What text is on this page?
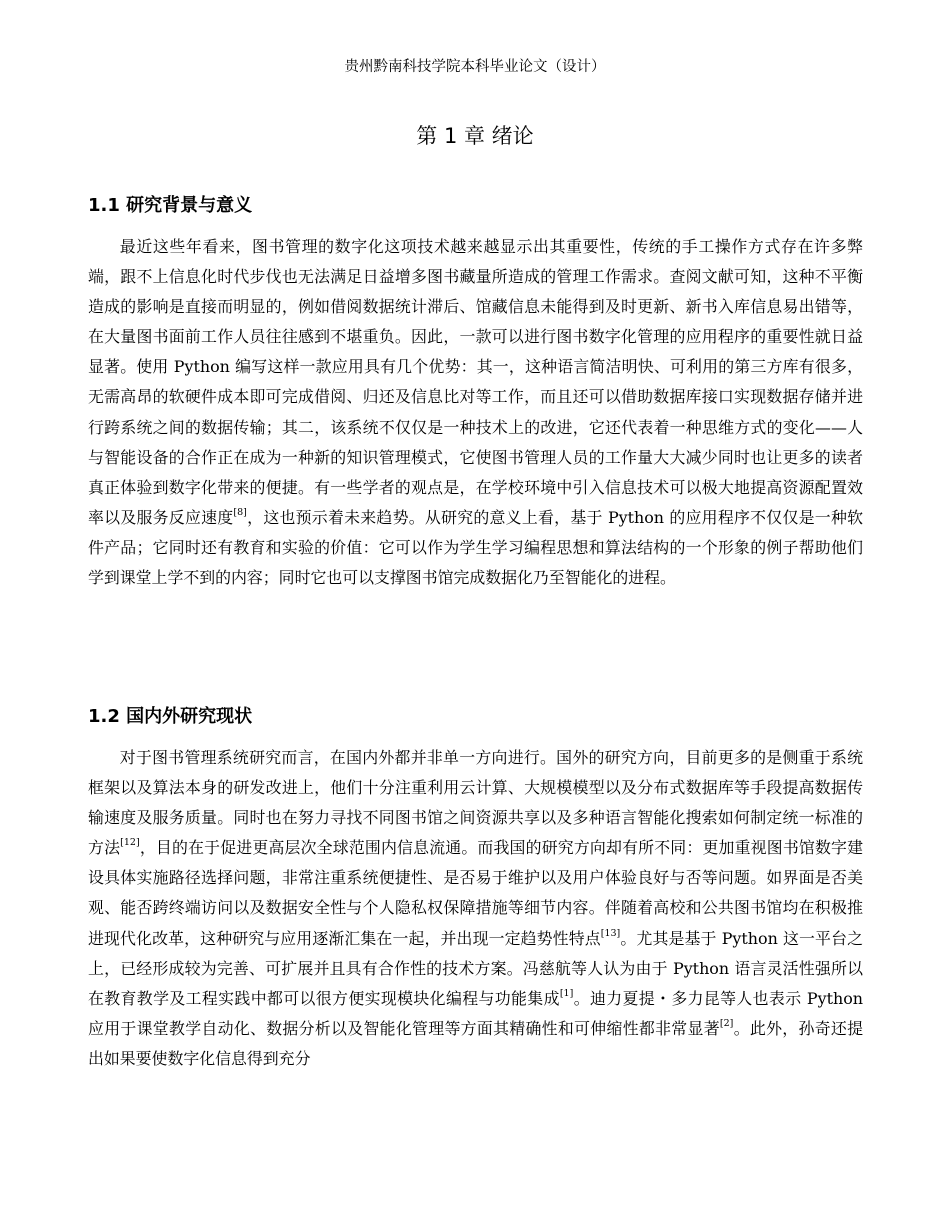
贵州黔南科技学院本科毕业论文（设计）
第 1 章 绪论
1.1 研究背景与意义

最近这些年看来，图书管理的数字化这项技术越来越显示出其重要性，传统的手工操作方式存在许多弊端，跟不上信息化时代步伐也无法满足日益增多图书藏量所造成的管理工作需求。查阅文献可知，这种不平衡造成的影响是直接而明显的，例如借阅数据统计滞后、馆藏信息未能得到及时更新、新书入库信息易出错等，在大量图书面前工作人员往往感到不堪重负。因此，一款可以进行图书数字化管理的应用程序的重要性就日益显著。使用 Python 编写这样一款应用具有几个优势：其一，这种语言简洁明快、可利用的第三方库有很多，无需高昂的软硬件成本即可完成借阅、归还及信息比对等工作，而且还可以借助数据库接口实现数据存储并进行跨系统之间的数据传输；其二，该系统不仅仅是一种技术上的改进，它还代表着一种思维方式的变化——人与智能设备的合作正在成为一种新的知识管理模式，它使图书管理人员的工作量大大减少同时也让更多的读者真正体验到数字化带来的便捷。有一些学者的观点是，在学校环境中引入信息技术可以极大地提高资源配置效率以及服务反应速度[8]，这也预示着未来趋势。从研究的意义上看，基于 Python 的应用程序不仅仅是一种软件产品；它同时还有教育和实验的价值：它可以作为学生学习编程思想和算法结构的一个形象的例子帮助他们学到课堂上学不到的内容；同时它也可以支撑图书馆完成数据化乃至智能化的进程。

1.2 国内外研究现状

对于图书管理系统研究而言，在国内外都并非单一方向进行。国外的研究方向，目前更多的是侧重于系统框架以及算法本身的研发改进上，他们十分注重利用云计算、大规模模型以及分布式数据库等手段提高数据传输速度及服务质量。同时也在努力寻找不同图书馆之间资源共享以及多种语言智能化搜索如何制定统一标准的方法[12]，目的在于促进更高层次全球范围内信息流通。而我国的研究方向却有所不同：更加重视图书馆数字建设具体实施路径选择问题，非常注重系统便捷性、是否易于维护以及用户体验良好与否等问题。如界面是否美观、能否跨终端访问以及数据安全性与个人隐私权保障措施等细节内容。伴随着高校和公共图书馆均在积极推进现代化改革，这种研究与应用逐渐汇集在一起，并出现一定趋势性特点[13]。尤其是基于 Python 这一平台之上，已经形成较为完善、可扩展并且具有合作性的技术方案。冯慈航等人认为由于 Python 语言灵活性强所以在教育教学及工程实践中都可以很方便实现模块化编程与功能集成[1]。迪力夏提・多力昆等人也表示 Python 应用于课堂教学自动化、数据分析以及智能化管理等方面其精确性和可伸缩性都非常显著[2]。此外，孙奇还提出如果要使数字化信息得到充分
